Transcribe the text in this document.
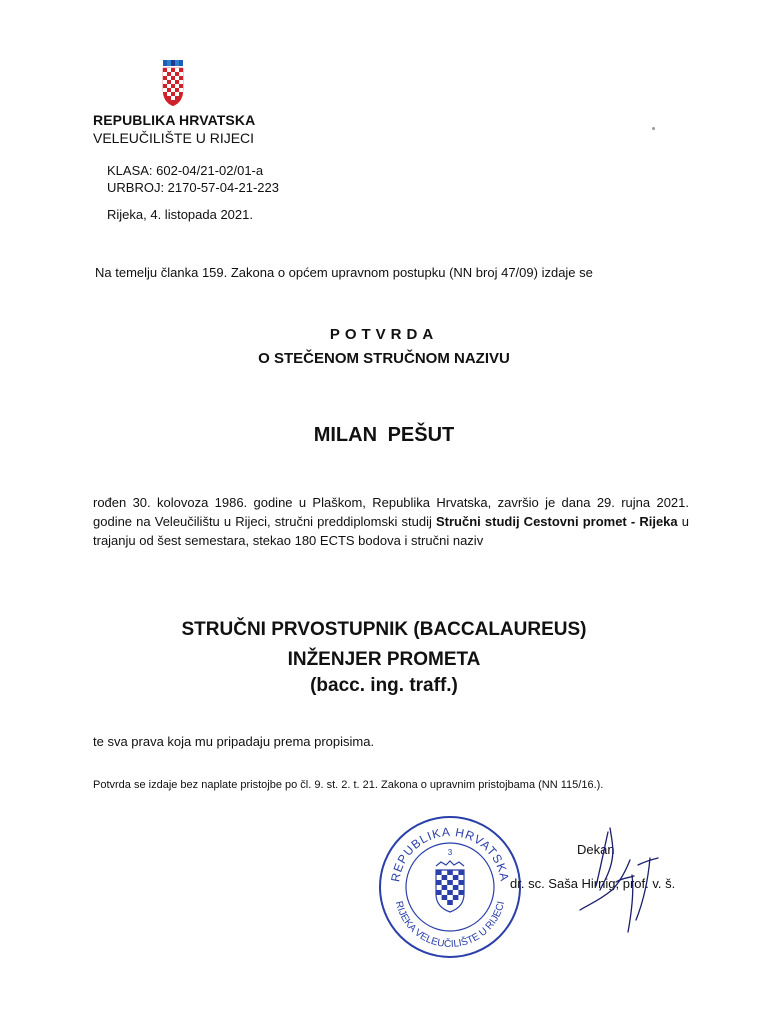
REPUBLIKA HRVATSKA
VELEUČILIŠTE U RIJECI
KLASA: 602-04/21-02/01-a
URBROJ: 2170-57-04-21-223
Rijeka, 4. listopada 2021.
Na temelju članka 159. Zakona o općem upravnom postupku (NN broj 47/09) izdaje se
POTVRDA
O STEČENOM STRUČNOM NAZIVU
MILAN PEŠUT
rođen 30. kolovoza 1986. godine u Plaškom, Republika Hrvatska, završio je dana 29. rujna 2021. godine na Veleučilištu u Rijeci, stručni preddiplomski studij Stručni studij Cestovni promet - Rijeka u trajanju od šest semestara, stekao 180 ECTS bodova i stručni naziv
STRUČNI PRVOSTUPNIK (BACCALAUREUS) INŽENJER PROMETA
(bacc. ing. traff.)
te sva prava koja mu pripadaju prema propisima.
Potvrda se izdaje bez naplate pristojbe po čl. 9. st. 2. t. 21. Zakona o upravnim pristojbama (NN 115/16.).
REPUBLIKA HRVATSKA
RIJEKA VELEUČILIŠTE U RIJECI
3	Dekan
dr. sc. Saša Hirnig, prof. v. š.
